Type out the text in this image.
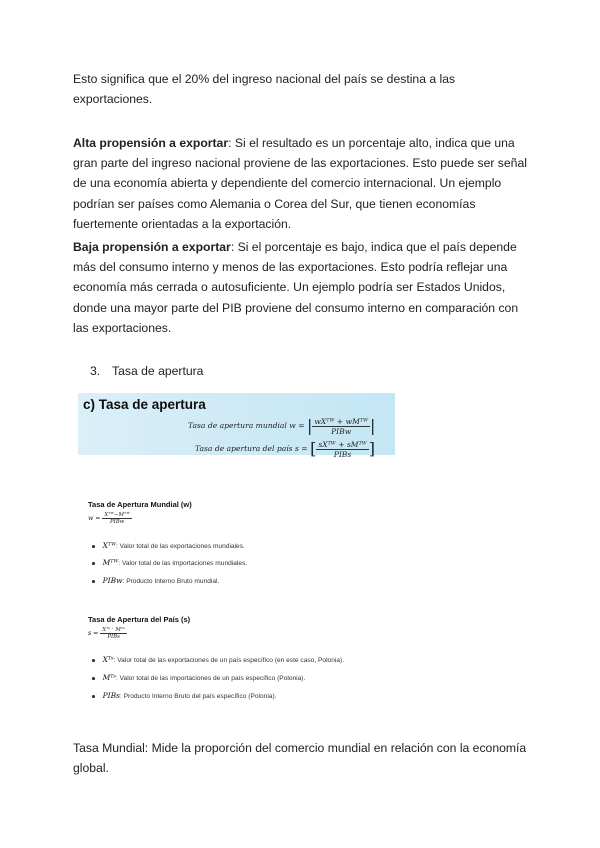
Esto significa que el 20% del ingreso nacional del país se destina a las exportaciones.
Alta propensión a exportar: Si el resultado es un porcentaje alto, indica que una gran parte del ingreso nacional proviene de las exportaciones. Esto puede ser señal de una economía abierta y dependiente del comercio internacional. Un ejemplo podrían ser países como Alemania o Corea del Sur, que tienen economías fuertemente orientadas a la exportación.
Baja propensión a exportar: Si el porcentaje es bajo, indica que el país depende más del consumo interno y menos de las exportaciones. Esto podría reflejar una economía más cerrada o autosuficiente. Un ejemplo podría ser Estados Unidos, donde una mayor parte del PIB proviene del consumo interno en comparación con las exportaciones.
3. Tasa de apertura
c) Tasa de apertura
Tasa de apertura mundial w = | $\frac{\text{wXᵀᵂ + wMᵀᵂ}}{\text{PIBw}}$ |
Tasa de apertura del país s = [ $\frac{\text{sXᵀᵂ + sMᵀᵂ}}{\text{PIBs}}$ ]
Tasa de Apertura Mundial (w)
$w = \frac{\text{Xᵀᵂ−Mᵀᵂ}}{\text{PIBw}}$
Xᵀᵂ: Valor total de las exportaciones mundiales.
Mᵀᵂ: Valor total de las importaciones mundiales.
PIBw: Producto Interno Bruto mundial.
Tasa de Apertura del País (s)
$s = \frac{\text{Xᵀˢ · Mᵀˢ}}{\text{PIBs}}$
Xᵀˢ: Valor total de las exportaciones de un país específico (en este caso, Polonia).
Mᵀˢ: Valor total de las importaciones de un país específico (Polonia).
PIBs: Producto Interno Bruto del país específico (Polonia).
Tasa Mundial: Mide la proporción del comercio mundial en relación con la economía global.
